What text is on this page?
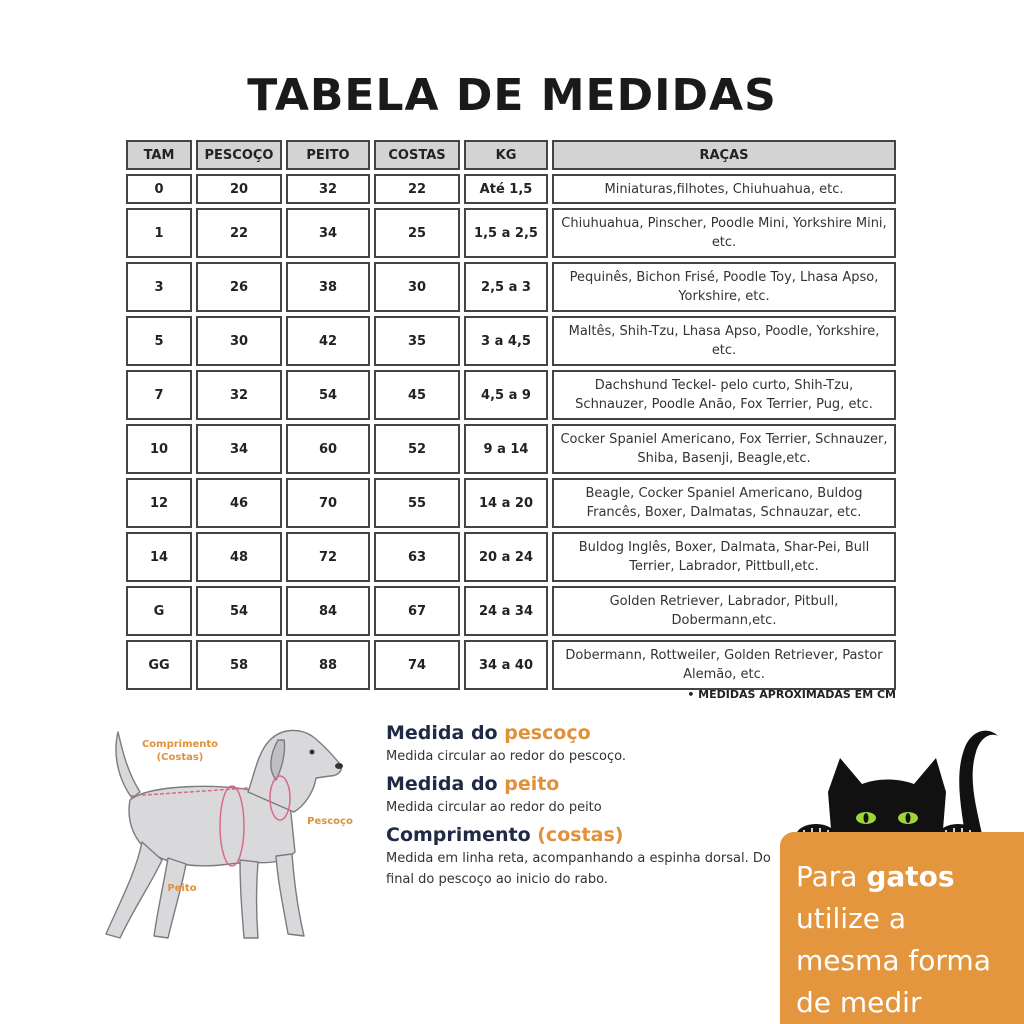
TABELA DE MEDIDAS
TAM	PESCOÇO	PEITO	COSTAS	KG	RAÇAS
0	20	32	22	Até 1,5	Miniaturas,filhotes, Chiuhuahua, etc.
1	22	34	25	1,5 a 2,5	Chiuhuahua, Pinscher, Poodle Mini, Yorkshire Mini, etc.
3	26	38	30	2,5 a 3	Pequinês, Bichon Frisé, Poodle Toy, Lhasa Apso, Yorkshire, etc.
5	30	42	35	3 a 4,5	Maltês, Shih-Tzu, Lhasa Apso, Poodle, Yorkshire, etc.
7	32	54	45	4,5 a 9	Dachshund Teckel- pelo curto, Shih-Tzu, Schnauzer, Poodle Anão, Fox Terrier, Pug, etc.
10	34	60	52	9 a 14	Cocker Spaniel Americano, Fox Terrier, Schnauzer, Shiba, Basenji, Beagle,etc.
12	46	70	55	14 a 20	Beagle, Cocker Spaniel Americano, Buldog Francês, Boxer, Dalmatas, Schnauzar, etc.
14	48	72	63	20 a 24	Buldog Inglês, Boxer, Dalmata, Shar-Pei, Bull Terrier, Labrador, Pittbull,etc.
G	54	84	67	24 a 34	Golden Retriever, Labrador, Pitbull, Dobermann,etc.
GG	58	88	74	34 a 40	Dobermann, Rottweiler, Golden Retriever, Pastor Alemão, etc.
• MEDIDAS APROXIMADAS EM CM
Comprimento
(Costas)
Pescoço
Peito
Medida do pescoço

Medida circular ao redor do pescoço.

Medida do peito

Medida circular ao redor do peito

Comprimento (costas)

Medida em linha reta, acompanhando a espinha dorsal. Do final do pescoço ao inicio do rabo.	Para gatos
utilize a
mesma forma
de medir
